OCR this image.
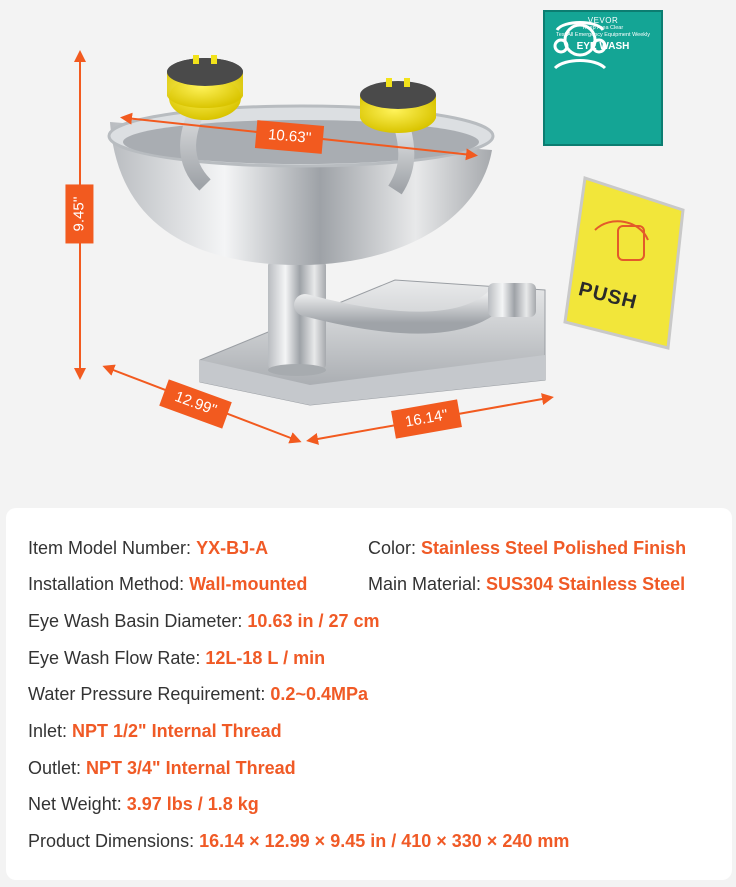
10.63''
9.45''
12.99''	16.14''
VEVOR
Keep Area Clear
Test All Emergency Equipment Weekly
EYE WASH
PUSH
Item Model Number: YX-BJ-A	Color: Stainless Steel Polished Finish
Installation Method: Wall-mounted	Main Material: SUS304 Stainless Steel
Eye Wash Basin Diameter: 10.63 in / 27 cm
Eye Wash Flow Rate: 12L-18 L / min
Water Pressure Requirement: 0.2~0.4MPa
Inlet: NPT 1/2" Internal Thread
Outlet: NPT 3/4" Internal Thread
Net Weight: 3.97 lbs / 1.8 kg
Product Dimensions: 16.14 × 12.99 × 9.45 in / 410 × 330 × 240 mm
